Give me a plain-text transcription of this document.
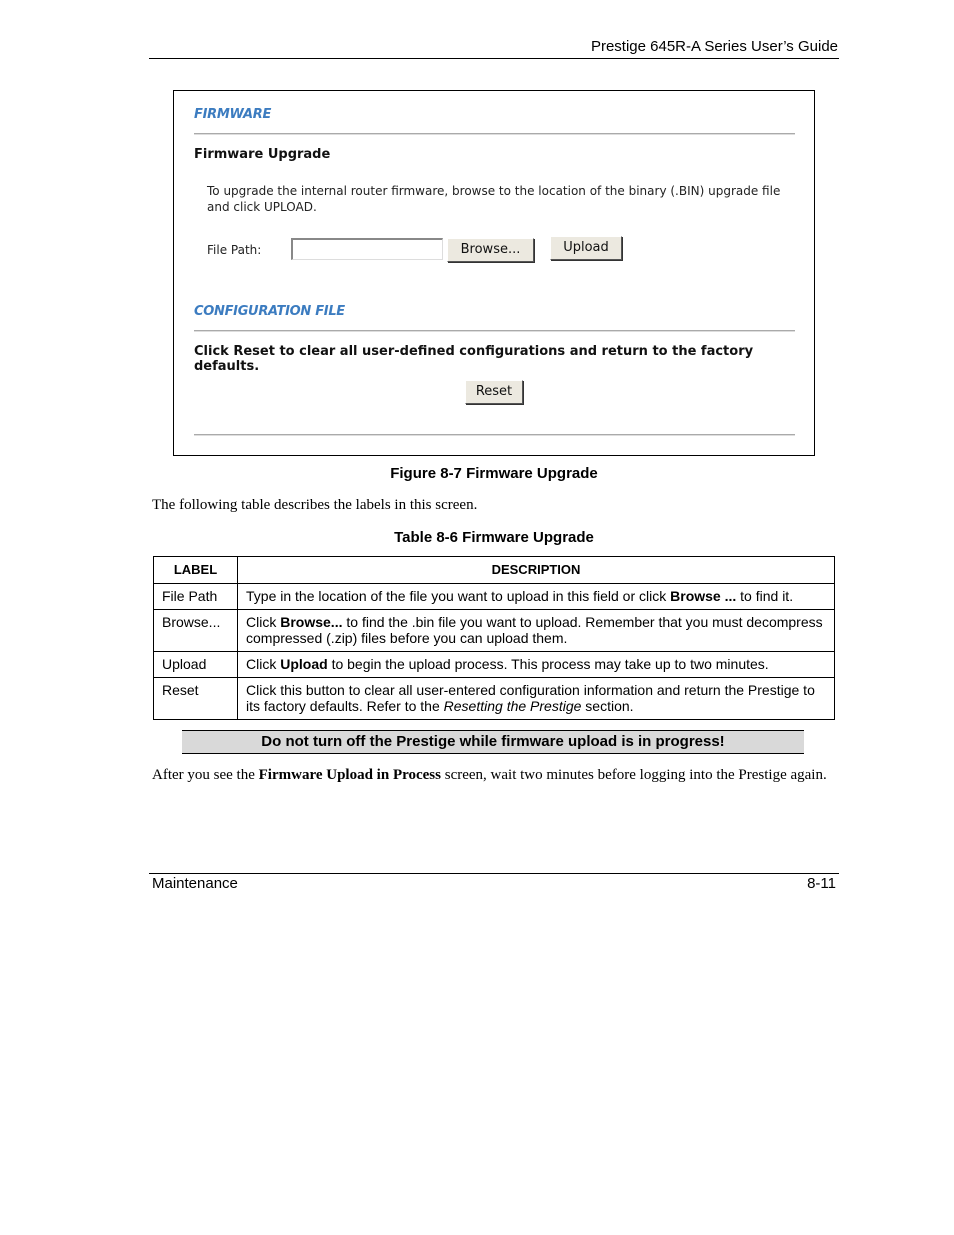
Prestige 645R-A Series User’s Guide
FIRMWARE
Firmware Upgrade
To upgrade the internal router firmware, browse to the location of the binary (.BIN) upgrade file and click UPLOAD.
File Path:	Browse...	Upload
CONFIGURATION FILE
Click Reset to clear all user-defined configurations and return to the factory defaults.
Reset
Figure 8-7 Firmware Upgrade
The following table describes the labels in this screen.
Table 8-6 Firmware Upgrade
LABEL	DESCRIPTION
File Path	Type in the location of the file you want to upload in this field or click Browse ... to find it.
Browse...	Click Browse... to find the .bin file you want to upload. Remember that you must decompress compressed (.zip) files before you can upload them.
Upload	Click Upload to begin the upload process. This process may take up to two minutes.
Reset	Click this button to clear all user-entered configuration information and return the Prestige to its factory defaults. Refer to the Resetting the Prestige section.
Do not turn off the Prestige while firmware upload is in progress!
After you see the Firmware Upload in Process screen, wait two minutes before logging into the Prestige again.
Maintenance	8-11
